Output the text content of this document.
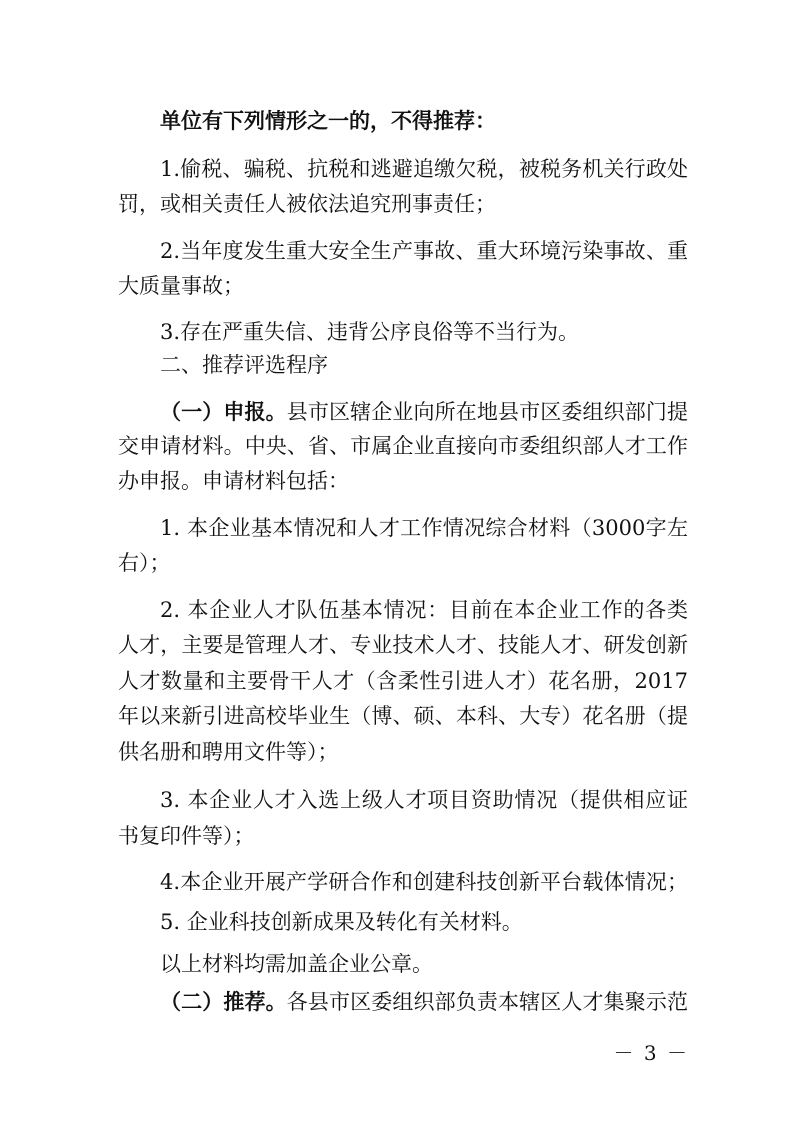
单位有下列情形之一的，不得推荐：
1.偷税、骗税、抗税和逃避追缴欠税，被税务机关行政处
罚，或相关责任人被依法追究刑事责任；
2.当年度发生重大安全生产事故、重大环境污染事故、重
大质量事故；
3.存在严重失信、违背公序良俗等不当行为。
二、推荐评选程序
（一）申报。县市区辖企业向所在地县市区委组织部门提
交申请材料。中央、省、市属企业直接向市委组织部人才工作
办申报。申请材料包括：
1. 本企业基本情况和人才工作情况综合材料（3000字左
右）；
2. 本企业人才队伍基本情况：目前在本企业工作的各类
人才，主要是管理人才、专业技术人才、技能人才、研发创新
人才数量和主要骨干人才（含柔性引进人才）花名册，2017
年以来新引进高校毕业生（博、硕、本科、大专）花名册（提
供名册和聘用文件等）；
3. 本企业人才入选上级人才项目资助情况（提供相应证
书复印件等）；
4.本企业开展产学研合作和创建科技创新平台载体情况；
5. 企业科技创新成果及转化有关材料。
以上材料均需加盖企业公章。
（二）推荐。各县市区委组织部负责本辖区人才集聚示范
－ 3 －
